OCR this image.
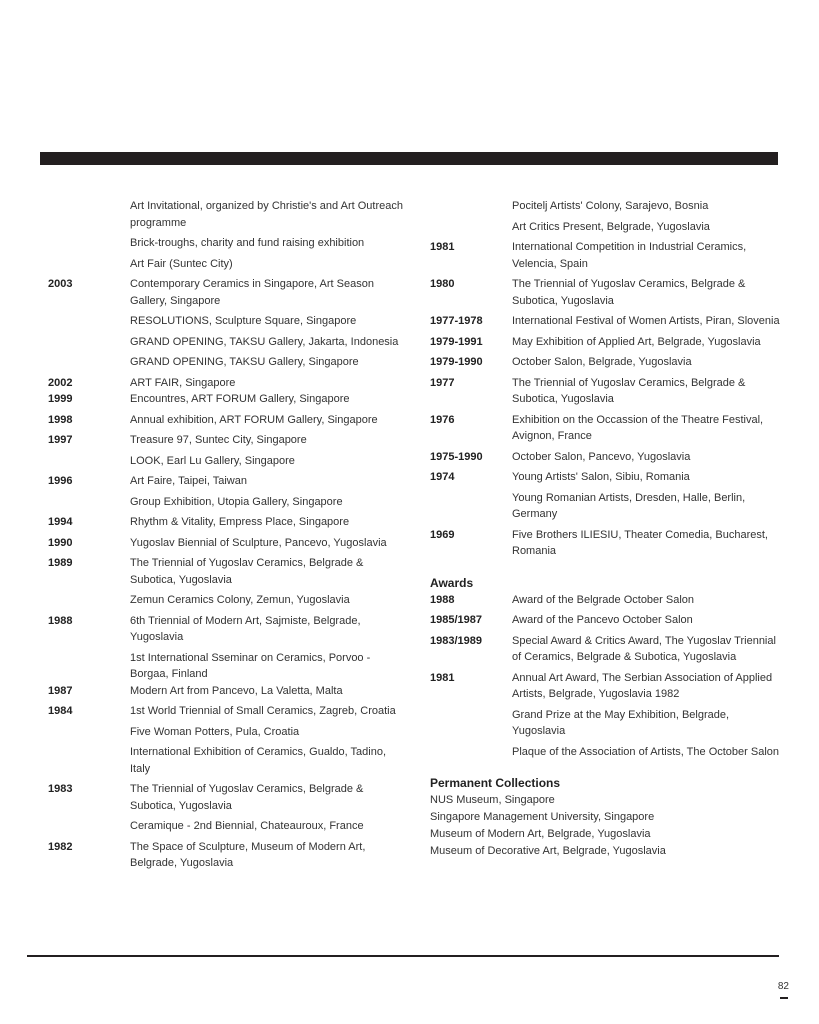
Art Invitational, organized by Christie's and Art Outreach programme
Brick-troughs, charity and fund raising exhibition
Art Fair (Suntec City)
2003	Contemporary Ceramics in Singapore, Art Season Gallery, Singapore
RESOLUTIONS, Sculpture Square, Singapore
GRAND OPENING, TAKSU Gallery, Jakarta, Indonesia
GRAND OPENING, TAKSU Gallery, Singapore
2002	ART FAIR, Singapore
1999	Encountres, ART FORUM Gallery, Singapore
1998	Annual exhibition, ART FORUM Gallery, Singapore
1997	Treasure 97, Suntec City, Singapore
LOOK, Earl Lu Gallery, Singapore
1996	Art Faire, Taipei, Taiwan
Group Exhibition, Utopia Gallery, Singapore
1994	Rhythm & Vitality, Empress Place, Singapore
1990	Yugoslav Biennial of Sculpture, Pancevo, Yugoslavia
1989	The Triennial of Yugoslav Ceramics, Belgrade & Subotica, Yugoslavia
Zemun Ceramics Colony, Zemun, Yugoslavia
1988	6th Triennial of Modern Art, Sajmiste, Belgrade, Yugoslavia
1st International Sseminar on Ceramics, Porvoo - Borgaa, Finland
1987	Modern Art from Pancevo, La Valetta, Malta
1984	1st World Triennial of Small Ceramics, Zagreb, Croatia
Five Woman Potters, Pula, Croatia
International Exhibition of Ceramics, Gualdo, Tadino, Italy
1983	The Triennial of Yugoslav Ceramics, Belgrade & Subotica, Yugoslavia
Ceramique - 2nd Biennial, Chateauroux, France
1982	The Space of Sculpture, Museum of Modern Art, Belgrade, Yugoslavia
Pocitelj Artists' Colony, Sarajevo, Bosnia
Art Critics Present, Belgrade, Yugoslavia
1981	International Competition in Industrial Ceramics, Velencia, Spain
1980	The Triennial of Yugoslav Ceramics, Belgrade & Subotica, Yugoslavia
1977-1978	International Festival of Women Artists, Piran, Slovenia
1979-1991	May Exhibition of Applied Art, Belgrade, Yugoslavia
1979-1990	October Salon, Belgrade, Yugoslavia
1977	The Triennial of Yugoslav Ceramics, Belgrade & Subotica, Yugoslavia
1976	Exhibition on the Occassion of the Theatre Festival, Avignon, France
1975-1990	October Salon, Pancevo, Yugoslavia
1974	Young Artists' Salon, Sibiu, Romania
Young Romanian Artists, Dresden, Halle, Berlin, Germany
1969	Five Brothers ILIESIU, Theater Comedia, Bucharest, Romania
Awards
1988	Award of the Belgrade October Salon
1985/1987	Award of the Pancevo October Salon
1983/1989	Special Award & Critics Award, The Yugoslav Triennial of Ceramics, Belgrade & Subotica, Yugoslavia
1981	Annual Art Award, The Serbian Association of Applied Artists, Belgrade, Yugoslavia 1982
Grand Prize at the May Exhibition, Belgrade, Yugoslavia
Plaque of the Association of Artists, The October Salon
Permanent Collections
NUS Museum, Singapore
Singapore Management University, Singapore
Museum of Modern Art, Belgrade, Yugoslavia
Museum of Decorative Art, Belgrade, Yugoslavia
82
